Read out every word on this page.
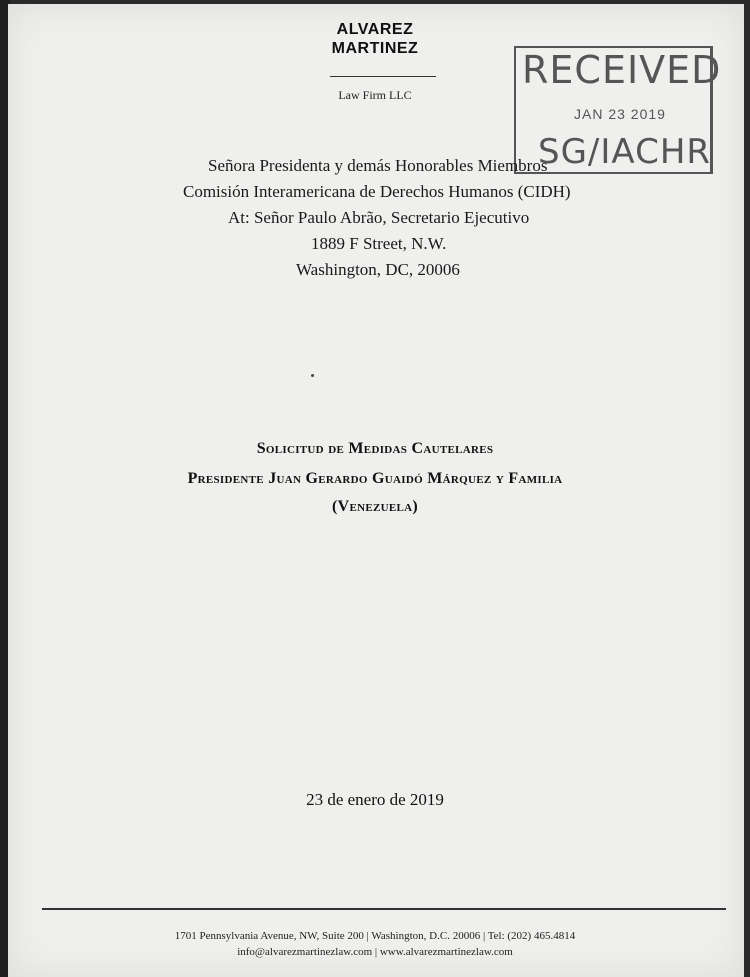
ALVAREZ
MARTINEZ
Law Firm LLC
RECEIVED
JAN 23 2019
SG/IACHR
Señora Presidenta y demás Honorables Miembros
Comisión Interamericana de Derechos Humanos (CIDH)
At: Señor Paulo Abrão, Secretario Ejecutivo
1889 F Street, N.W.
Washington, DC, 20006
Solicitud de Medidas Cautelares
Presidente Juan Gerardo Guaidó Márquez y Familia
(Venezuela)
23 de enero de 2019
1701 Pennsylvania Avenue, NW, Suite 200 | Washington, D.C. 20006 | Tel: (202) 465.4814
info@alvarezmartinezlaw.com | www.alvarezmartinezlaw.com
